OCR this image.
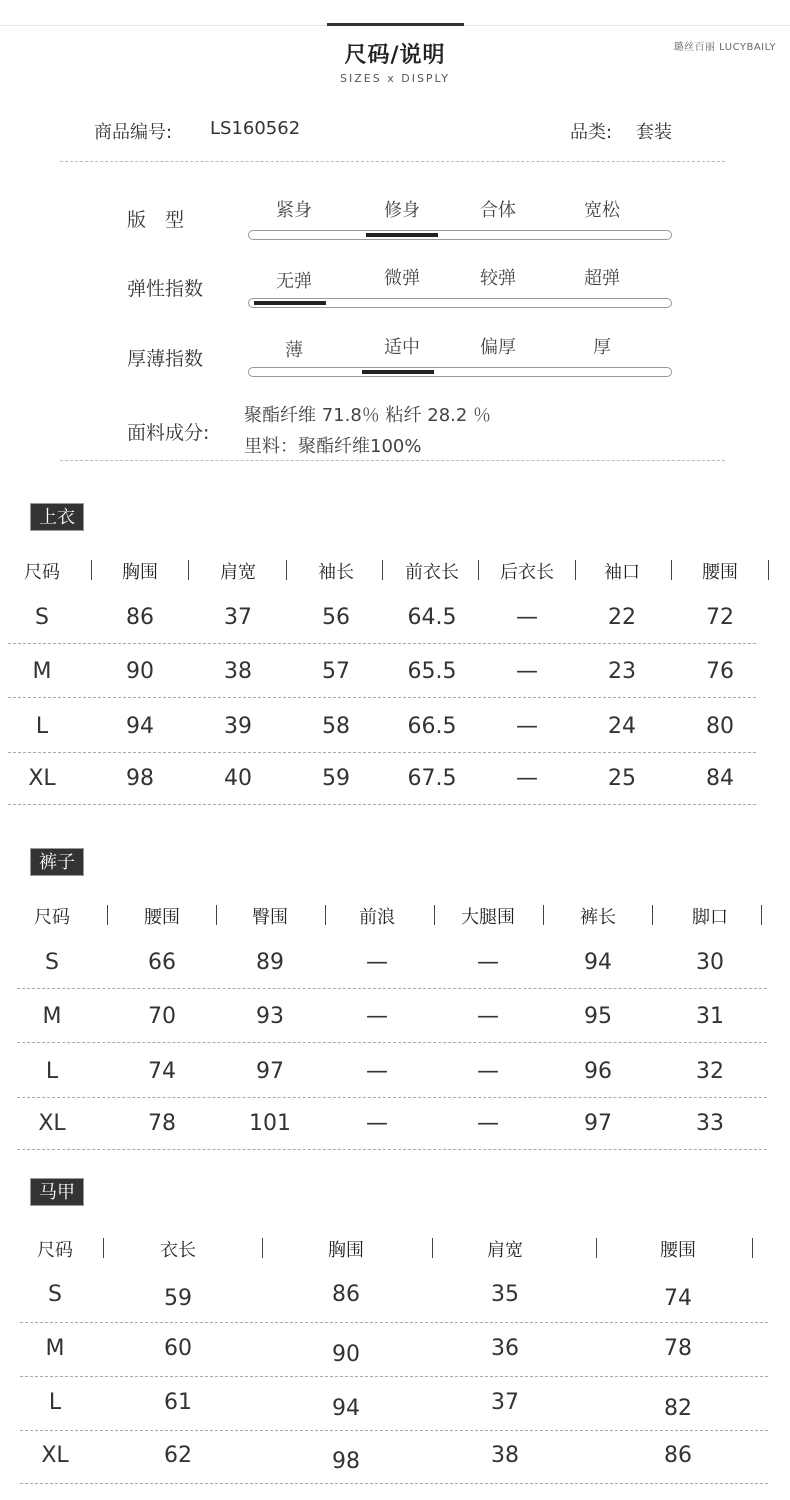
尺码/说明
SIZES x DISPLY
璐丝百丽 LUCYBAILY
商品编号: LS160562	品类: 套装
版　型	紧身	修身	合体	宽松
弹性指数	无弹	微弹	较弹	超弹
厚薄指数	薄	适中	偏厚	厚
面料成分:
聚酯纤维 71.8％ 粘纤 28.2 ％
里料：聚酯纤维100%
上衣
尺码	胸围	肩宽	袖长	前衣长	后衣长	袖口	腰围
S	86	37	56	64.5	—	22	72
M	90	38	57	65.5	—	23	76
L	94	39	58	66.5	—	24	80
XL	98	40	59	67.5	—	25	84
裤子
尺码	腰围	臀围	前浪	大腿围	裤长	脚口
S	66	89	—	—	94	30
M	70	93	—	—	95	31
L	74	97	—	—	96	32
XL	78	101	—	—	97	33
马甲
尺码	衣长	胸围	肩宽	腰围
S	59	86	35	74
M	60	90	36	78
L	61	94	37	82
XL	62	98	38	86
